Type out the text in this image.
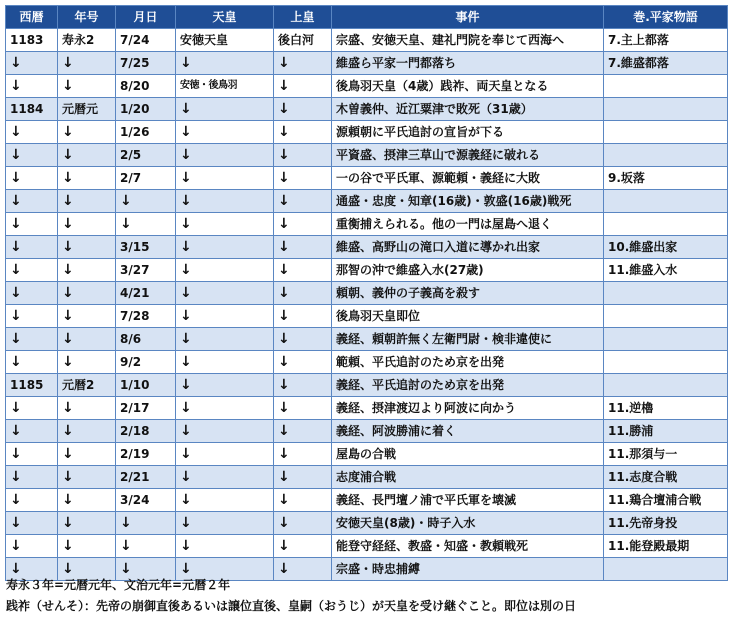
西暦	年号	月日	天皇	上皇	事件	巻.平家物語
1183	寿永2	7/24	安徳天皇	後白河	宗盛、安徳天皇、建礼門院を奉じて西海へ	7.主上都落
↓	↓	7/25	↓	↓	維盛ら平家一門都落ち	7.維盛都落
↓	↓	8/20	安徳・後鳥羽	↓	後鳥羽天皇（4歳）践祚、両天皇となる	
1184	元暦元	1/20	↓	↓	木曽義仲、近江粟津で敗死（31歳）	
↓	↓	1/26	↓	↓	源頼朝に平氏追討の宣旨が下る	
↓	↓	2/5	↓	↓	平資盛、摂津三草山で源義経に破れる	
↓	↓	2/7	↓	↓	一の谷で平氏軍、源範頼・義経に大敗	9.坂落
↓	↓	↓	↓	↓	通盛・忠度・知章(16歳)・敦盛(16歳)戦死	
↓	↓	↓	↓	↓	重衡捕えられる。他の一門は屋島へ退く	
↓	↓	3/15	↓	↓	維盛、高野山の滝口入道に導かれ出家	10.維盛出家
↓	↓	3/27	↓	↓	那智の沖で維盛入水(27歳)	11.維盛入水
↓	↓	4/21	↓	↓	頼朝、義仲の子義高を殺す	
↓	↓	7/28	↓	↓	後鳥羽天皇即位	
↓	↓	8/6	↓	↓	義経、頼朝許無く左衛門尉・検非違使に	
↓	↓	9/2	↓	↓	範頼、平氏追討のため京を出発	
1185	元暦2	1/10	↓	↓	義経、平氏追討のため京を出発	
↓	↓	2/17	↓	↓	義経、摂津渡辺より阿波に向かう	11.逆櫓
↓	↓	2/18	↓	↓	義経、阿波勝浦に着く	11.勝浦
↓	↓	2/19	↓	↓	屋島の合戦	11.那須与一
↓	↓	2/21	↓	↓	志度浦合戦	11.志度合戦
↓	↓	3/24	↓	↓	義経、長門壇ノ浦で平氏軍を壊滅	11.鶏合壇浦合戦
↓	↓	↓	↓	↓	安徳天皇(8歳)・時子入水	11.先帝身投
↓	↓	↓	↓	↓	能登守経経、教盛・知盛・教頼戦死	11.能登殿最期
↓	↓	↓	↓	↓	宗盛・時忠捕縛	
寿永３年=元暦元年、文治元年=元暦２年
践祚（せんそ）：先帝の崩御直後あるいは譲位直後、皇嗣（おうじ）が天皇を受け継ぐこと。即位は別の日
